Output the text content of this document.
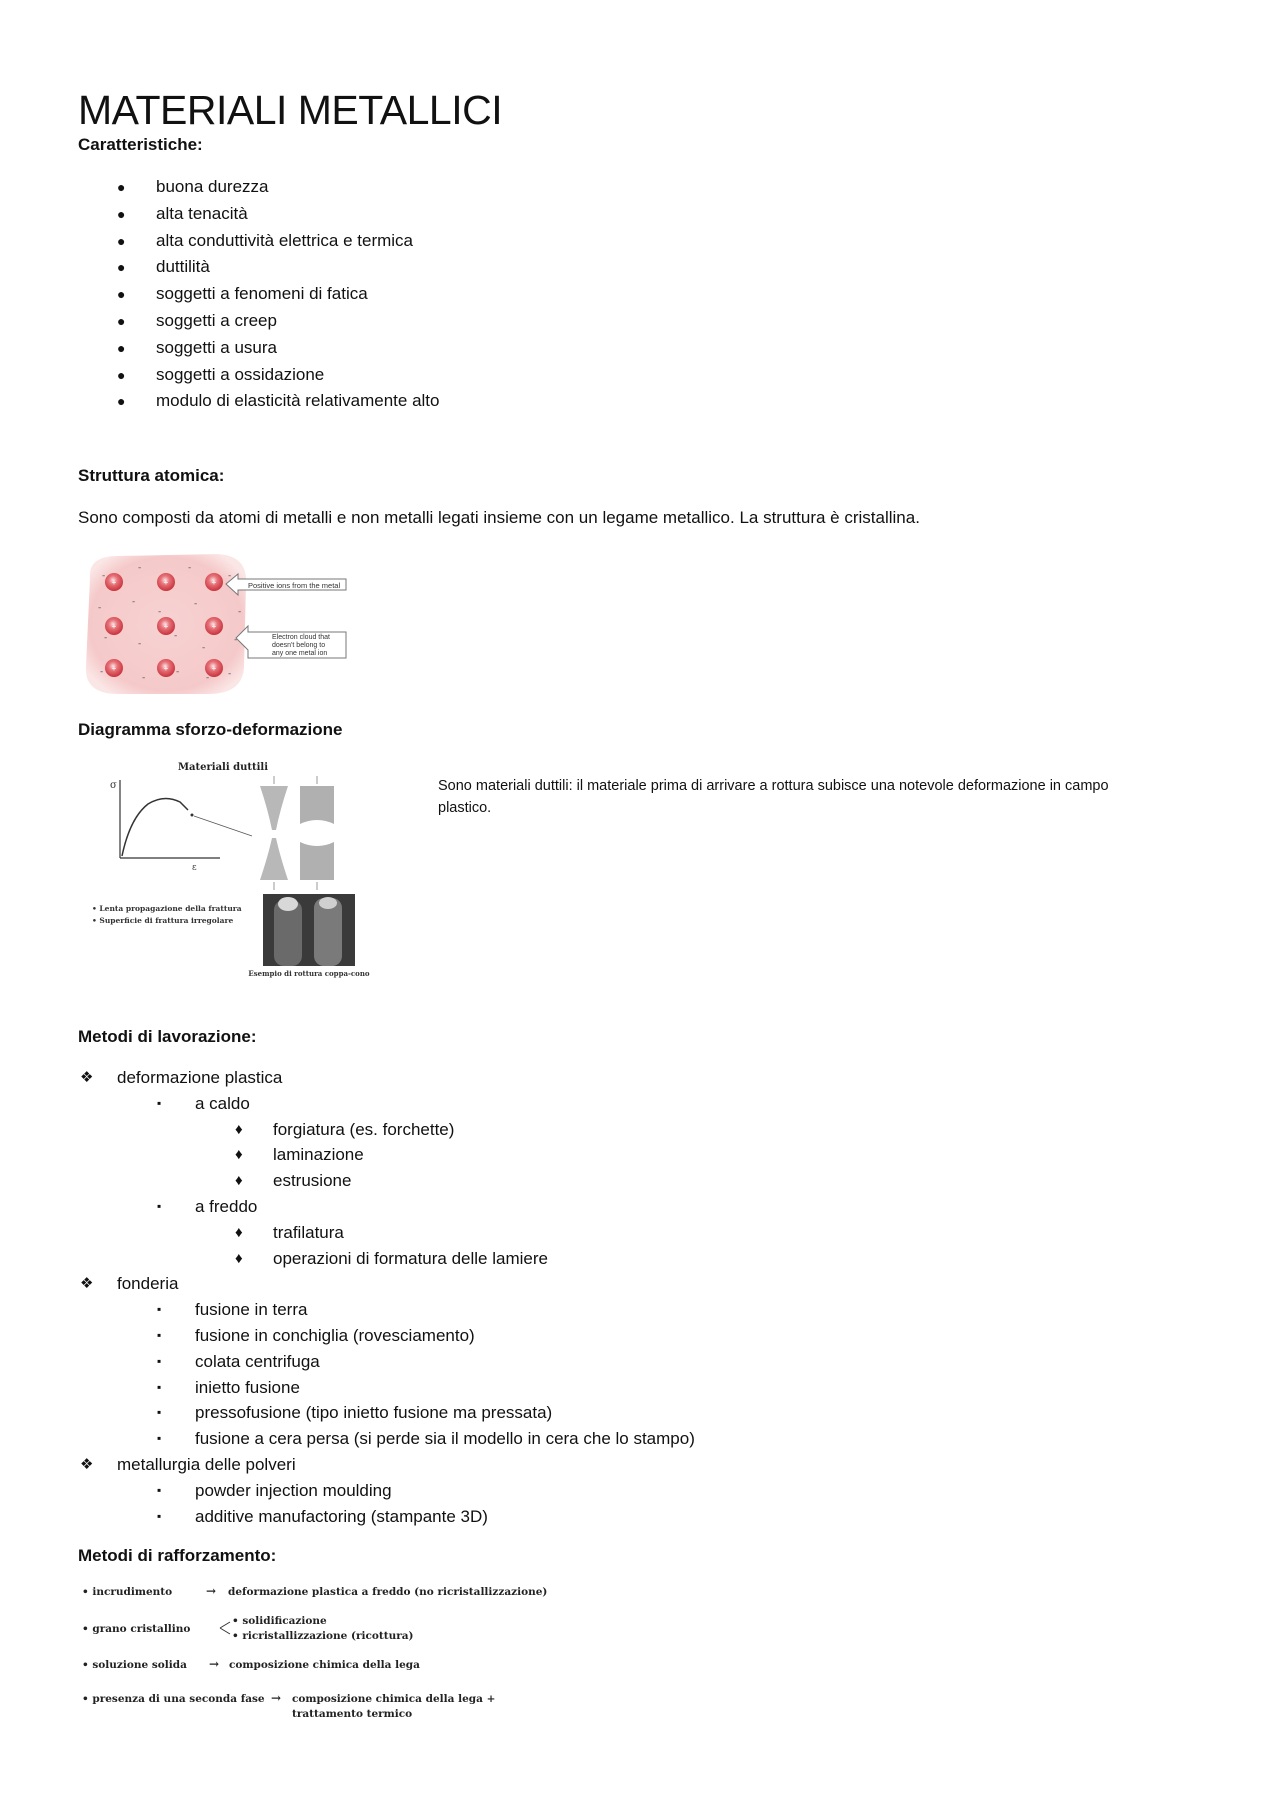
MATERIALI METALLICI
Caratteristiche:
● buona durezza
● alta tenacità
● alta conduttività elettrica e termica
● duttilità
● soggetti a fenomeni di fatica
● soggetti a creep
● soggetti a usura
● soggetti a ossidazione
● modulo di elasticità relativamente alto
Struttura atomica:
Sono composti da atomi di metalli e non metalli legati insieme con un legame metallico. La struttura è cristallina.
+	+	+
+	+	+
+	+	+
-
-	-
-
-
-
-
-
-
-
-
-
-
-
-
-
-
- -
Positive ions from the metal
Electron cloud that
doesn't belong to
any one metal ion
Diagramma sforzo-deformazione
Materiali duttili
σ
ε
• Lenta propagazione della frattura
• Superficie di frattura irregolare
Esempio di rottura coppa-cono
Sono materiali duttili: il materiale prima di arrivare a rottura subisce una notevole deformazione in campo plastico.
Metodi di lavorazione:
❖ deformazione plastica
▪ a caldo
♦ forgiatura (es. forchette)
♦ laminazione
♦ estrusione
▪ a freddo
♦ trafilatura
♦ operazioni di formatura delle lamiere
❖ fonderia
▪ fusione in terra
▪ fusione in conchiglia (rovesciamento)
▪ colata centrifuga
▪ iniettο fusione
▪ pressofusione (tipo iniettο fusione ma pressata)
▪ fusione a cera persa (si perde sia il modello in cera che lo stampo)
❖ metallurgia delle polveri
▪ powder injection moulding
▪ additive manufactoring (stampante 3D)
Metodi di rafforzamento:
• incrudimento	→ deformazione plastica a freddo (no ricristallizzazione)
• grano cristallino
• solidificazione
• ricristallizzazione (ricottura)
• soluzione solida → composizione chimica della lega
• presenza di una seconda fase → composizione chimica della lega +
trattamento termico
